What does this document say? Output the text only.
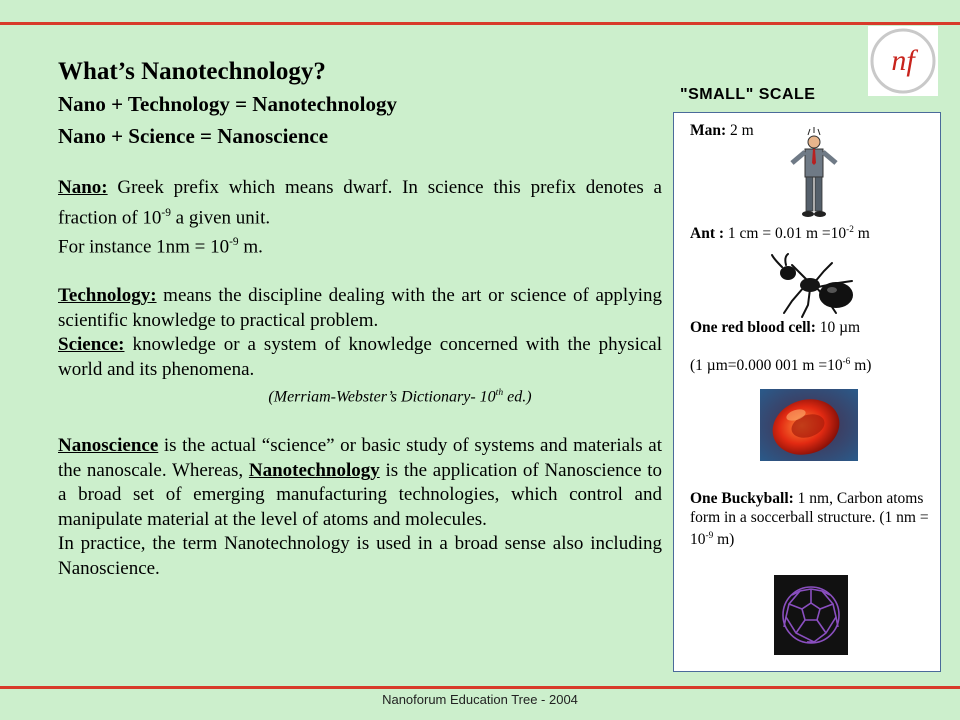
nf

What’s Nanotechnology?

Nano + Technology = Nanotechnology

Nano + Science = Nanoscience

Nano: Greek prefix which means dwarf. In science this prefix denotes a fraction of $10^{-9}$ a given unit.
For instance $1nm = 10^{-9}$ m.

Technology: means the discipline dealing with the art or science of applying scientific knowledge to practical problem.

Science: knowledge or a system of knowledge concerned with the physical world and its phenomena.

(Merriam-Webster’s Dictionary- 10th ed.)

Nanoscience is the actual “science” or basic study of systems and materials at the nanoscale. Whereas, Nanotechnology is the application of Nanoscience to a broad set of emerging manufacturing technologies, which control and manipulate material at the level of atoms and molecules.

In practice, the term Nanotechnology is used in a broad sense also including Nanoscience.

"SMALL" SCALE
Man: 2 m
Ant : 1 cm = 0.01 $m =10^{-2}$ m
One red blood cell: 10 µm
(1 µm=0.000 001 $m =10^{-6}$ m)
One Buckyball: 1 nm, Carbon atoms form in a soccerball structure. (1 nm = $10^{-9}$ m)
Nanoforum Education Tree - 2004
